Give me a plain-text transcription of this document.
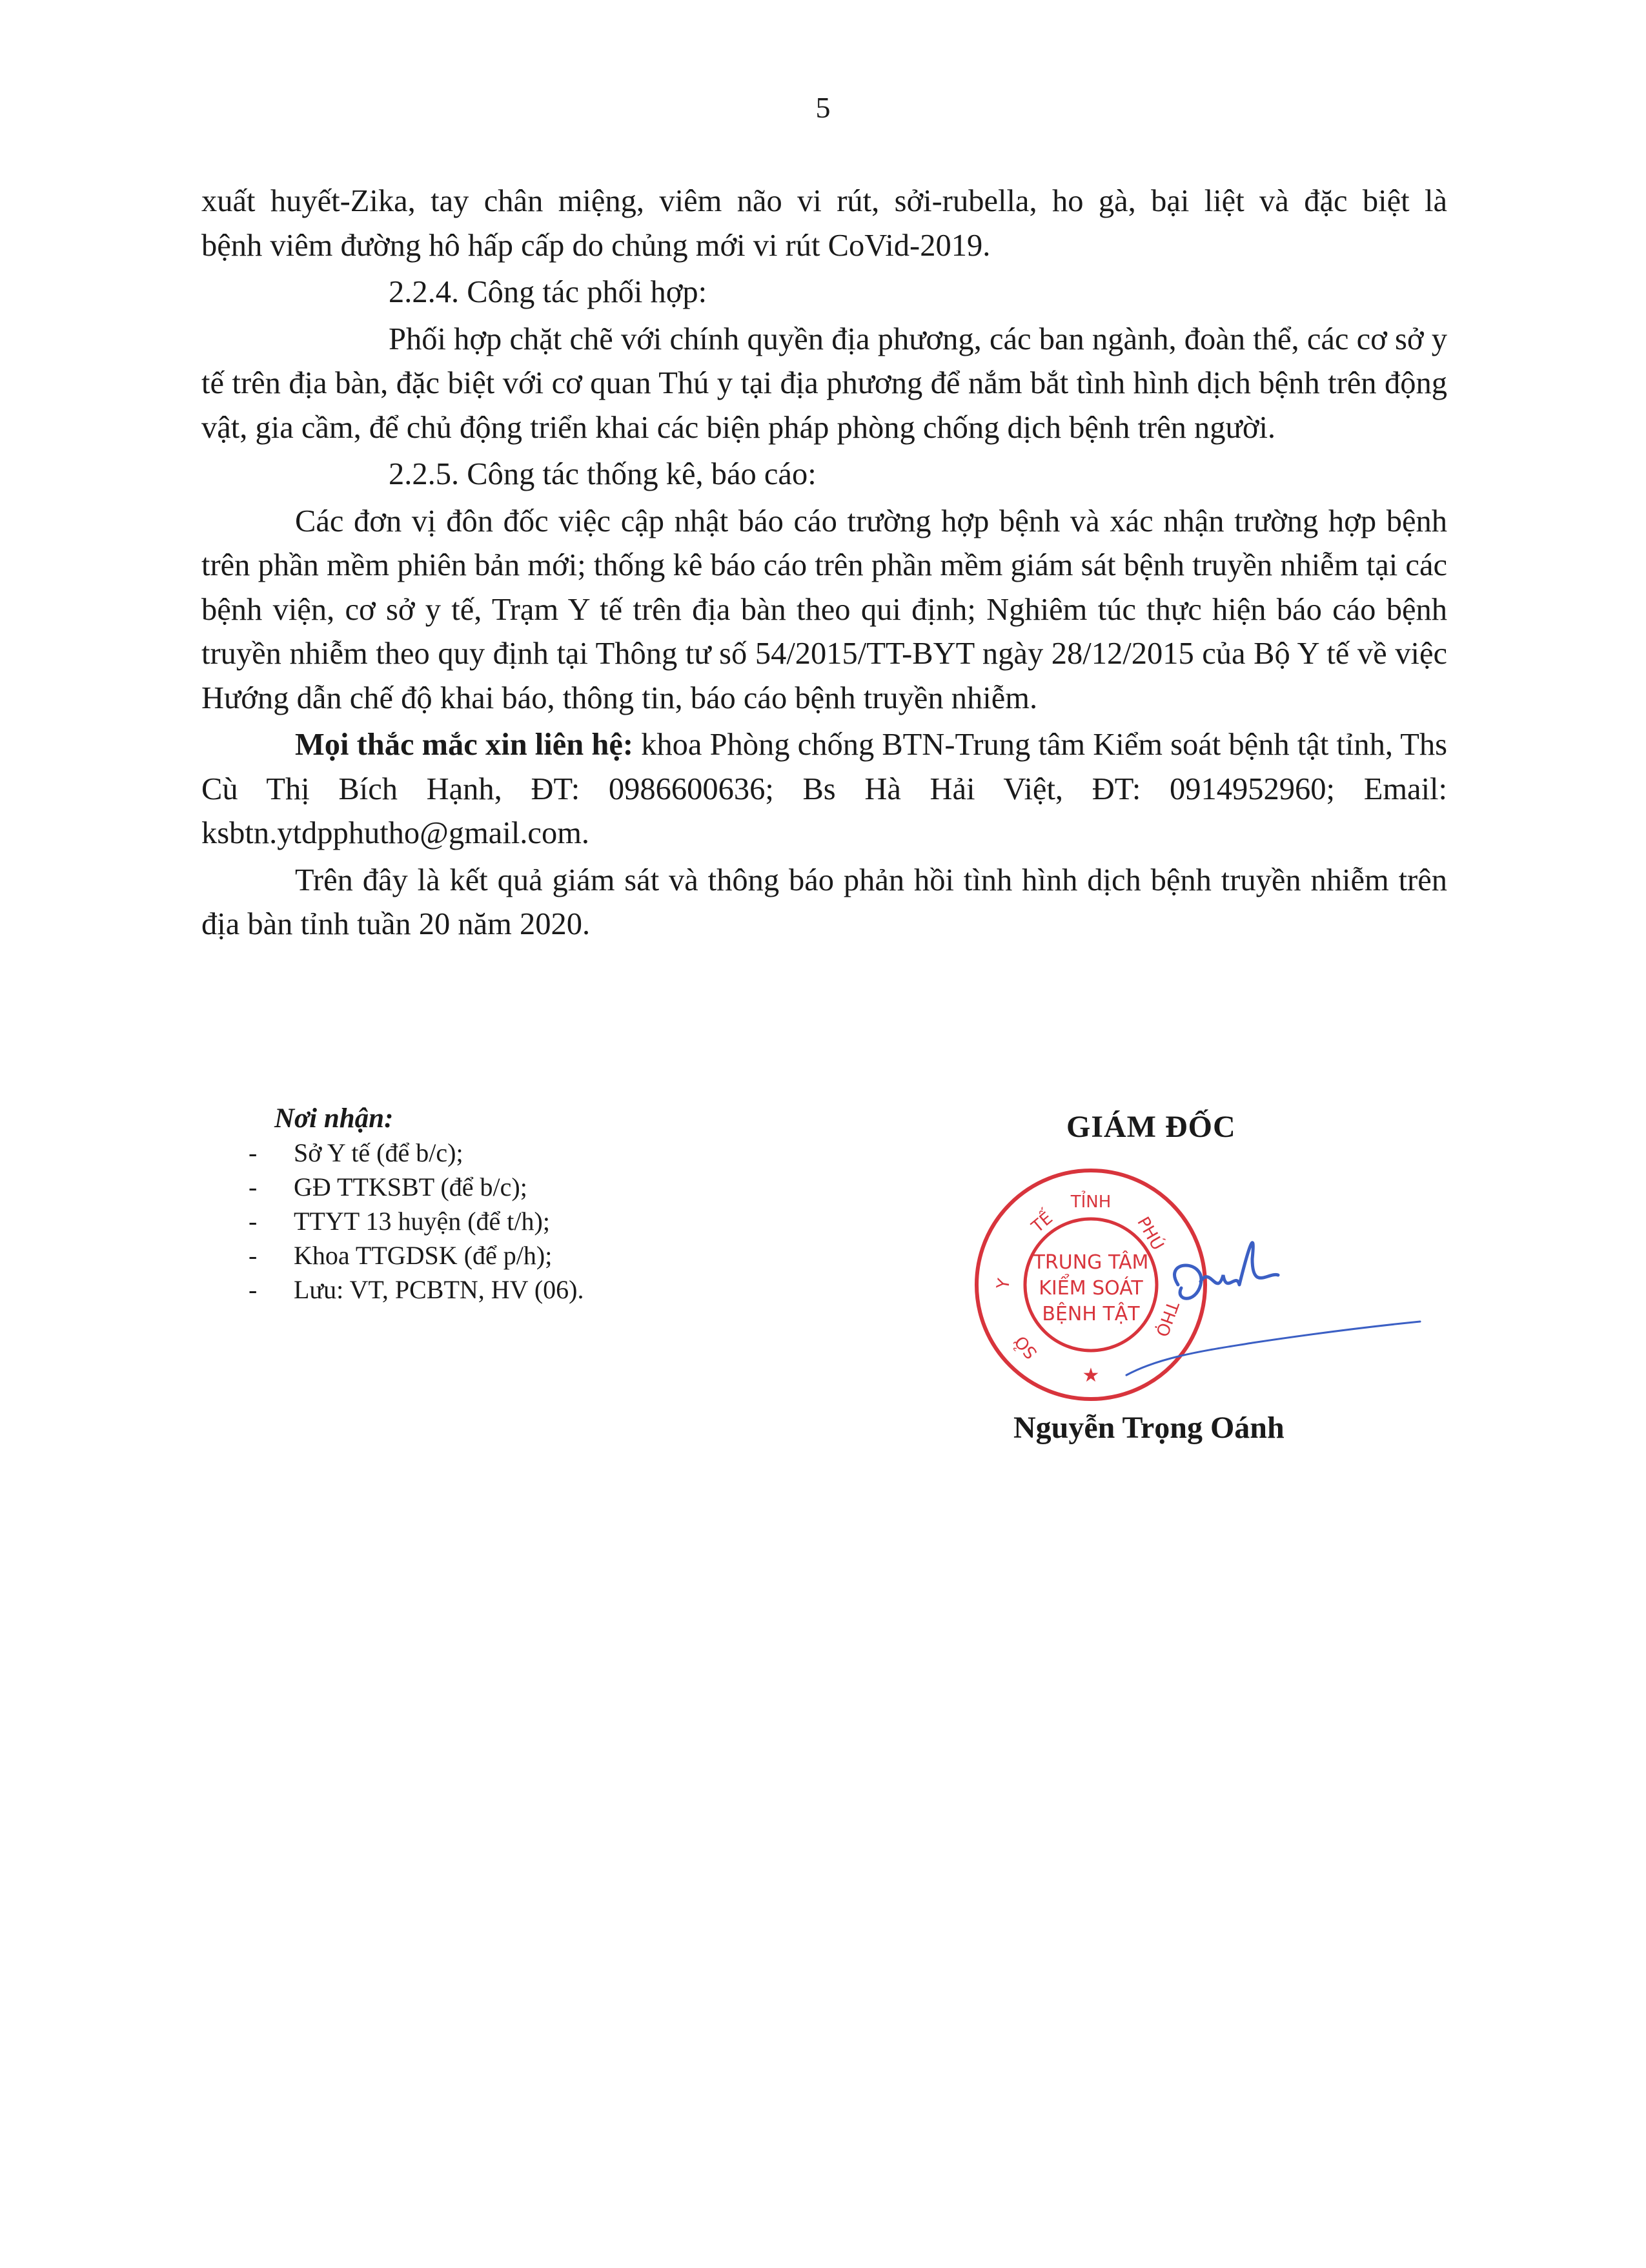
5

xuất huyết-Zika, tay chân miệng, viêm não vi rút, sởi-rubella, ho gà, bại liệt và đặc biệt là

bệnh viêm đường hô hấp cấp do chủng mới vi rút CoVid-2019.

2.2.4. Công tác phối hợp:

Phối hợp chặt chẽ với chính quyền địa phương, các ban ngành, đoàn thể, các cơ sở y tế trên địa bàn, đặc biệt với cơ quan Thú y tại địa phương để nắm bắt tình hình dịch bệnh trên động vật, gia cầm, để chủ động triển khai các biện pháp phòng chống dịch bệnh trên người.

2.2.5. Công tác thống kê, báo cáo:

Các đơn vị đôn đốc việc cập nhật báo cáo trường hợp bệnh và xác nhận trường hợp bệnh trên phần mềm phiên bản mới; thống kê báo cáo trên phần mềm giám sát bệnh truyền nhiễm tại các bệnh viện, cơ sở y tế, Trạm Y tế trên địa bàn theo qui định; Nghiêm túc thực hiện báo cáo bệnh truyền nhiễm theo quy định tại Thông tư số 54/2015/TT-BYT ngày 28/12/2015 của Bộ Y tế về việc Hướng dẫn chế độ khai báo, thông tin, báo cáo bệnh truyền nhiễm.

Mọi thắc mắc xin liên hệ: khoa Phòng chống BTN-Trung tâm Kiểm soát bệnh tật tỉnh, Ths Cù Thị Bích Hạnh, ĐT: 0986600636; Bs Hà Hải Việt, ĐT: 0914952960; Email: ksbtn.ytdpphutho@gmail.com.

Trên đây là kết quả giám sát và thông báo phản hồi tình hình dịch bệnh truyền nhiễm trên địa bàn tỉnh tuần 20 năm 2020.

Nơi nhận:
- Sở Y tế (để b/c);
- GĐ TTKSBT (để b/c);
- TTYT 13 huyện (để t/h);
- Khoa TTGDSK (để p/h);
- Lưu: VT, PCBTN, HV (06).
GIÁM ĐỐC
TỈNH
TẾ
Y
SỞ
PHÚ
THỌ
TRUNG TÂM
KIỂM SOÁT
BỆNH TẬT
★
Nguyễn Trọng Oánh
